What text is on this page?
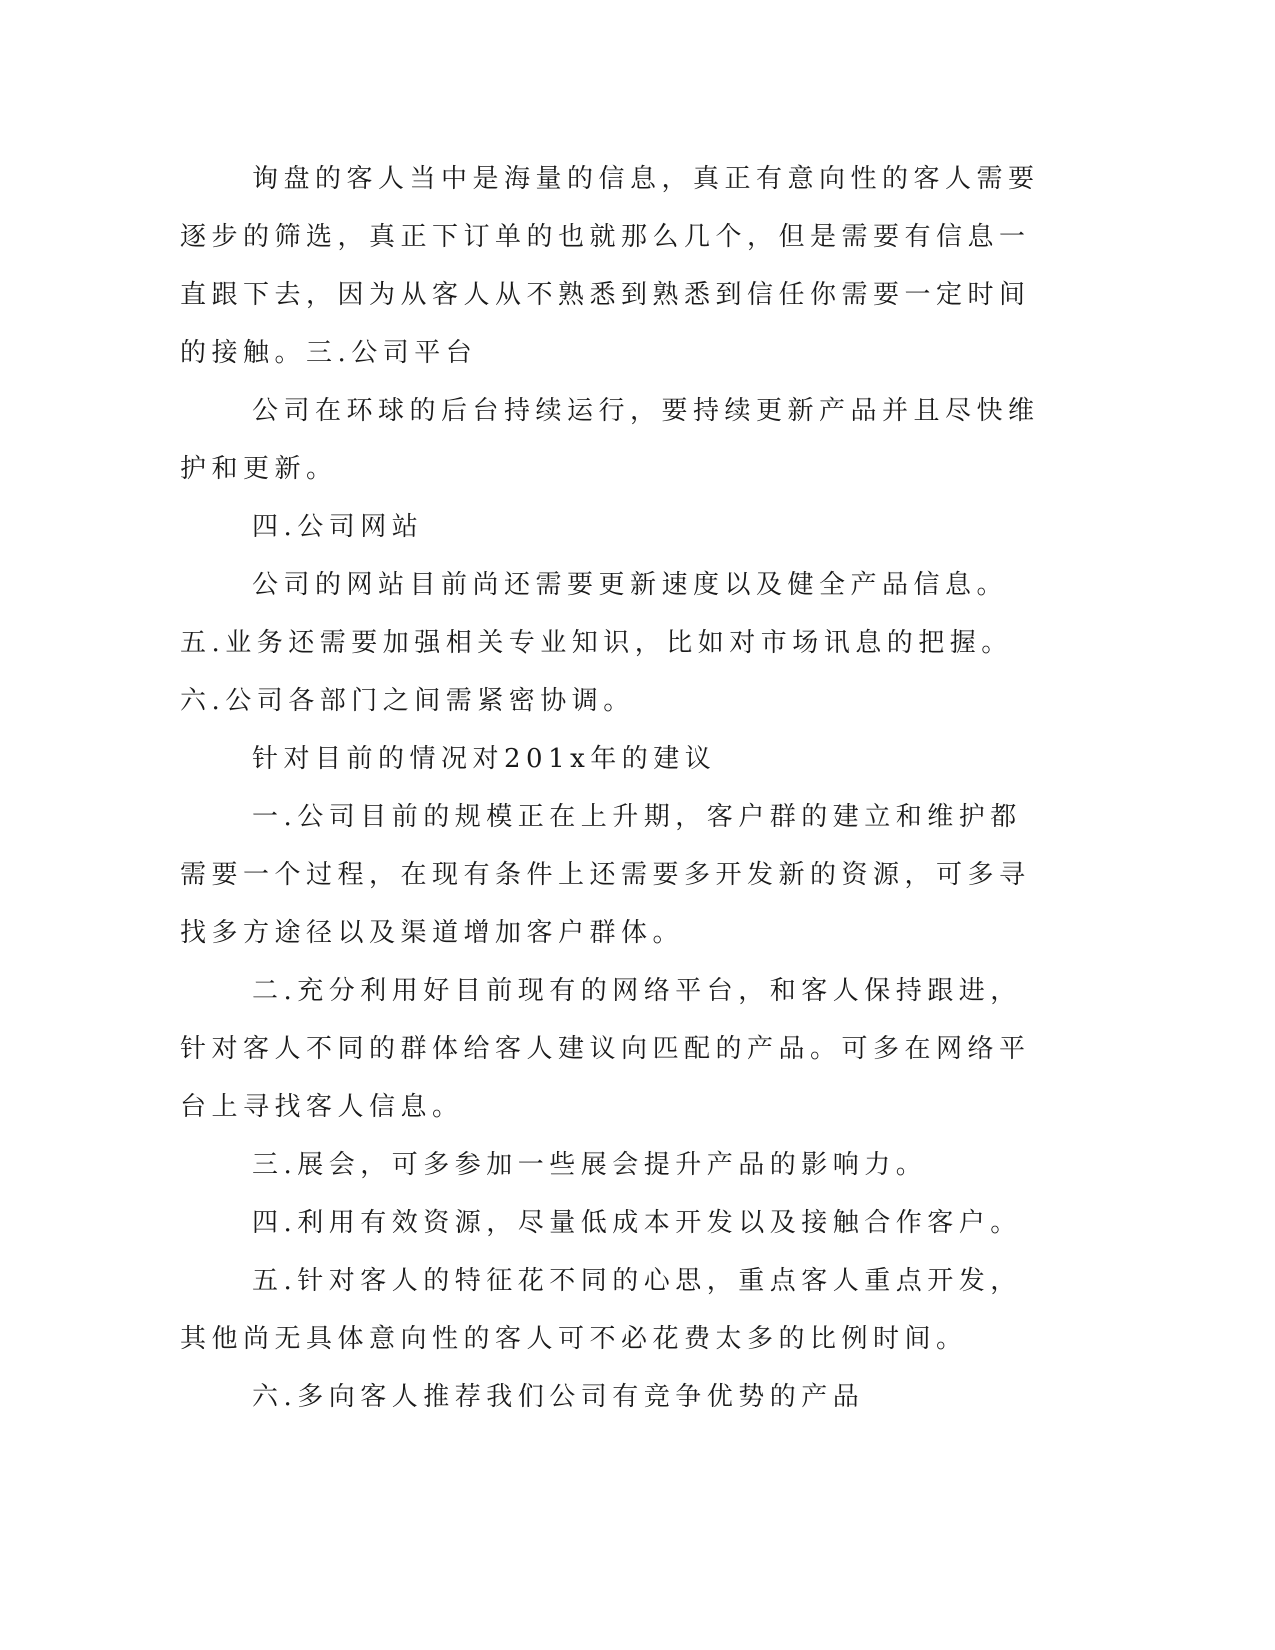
询盘的客人当中是海量的信息，真正有意向性的客人需要逐步的筛选，真正下订单的也就那么几个，但是需要有信息一直跟下去，因为从客人从不熟悉到熟悉到信任你需要一定时间的接触。三.公司平台

公司在环球的后台持续运行，要持续更新产品并且尽快维护和更新。

四.公司网站

公司的网站目前尚还需要更新速度以及健全产品信息。五.业务还需要加强相关专业知识，比如对市场讯息的把握。六.公司各部门之间需紧密协调。

针对目前的情况对201x年的建议

一.公司目前的规模正在上升期，客户群的建立和维护都需要一个过程，在现有条件上还需要多开发新的资源，可多寻找多方途径以及渠道增加客户群体。

二.充分利用好目前现有的网络平台，和客人保持跟进，针对客人不同的群体给客人建议向匹配的产品。可多在网络平台上寻找客人信息。

三.展会，可多参加一些展会提升产品的影响力。

四.利用有效资源，尽量低成本开发以及接触合作客户。

五.针对客人的特征花不同的心思，重点客人重点开发，其他尚无具体意向性的客人可不必花费太多的比例时间。

六.多向客人推荐我们公司有竞争优势的产品
